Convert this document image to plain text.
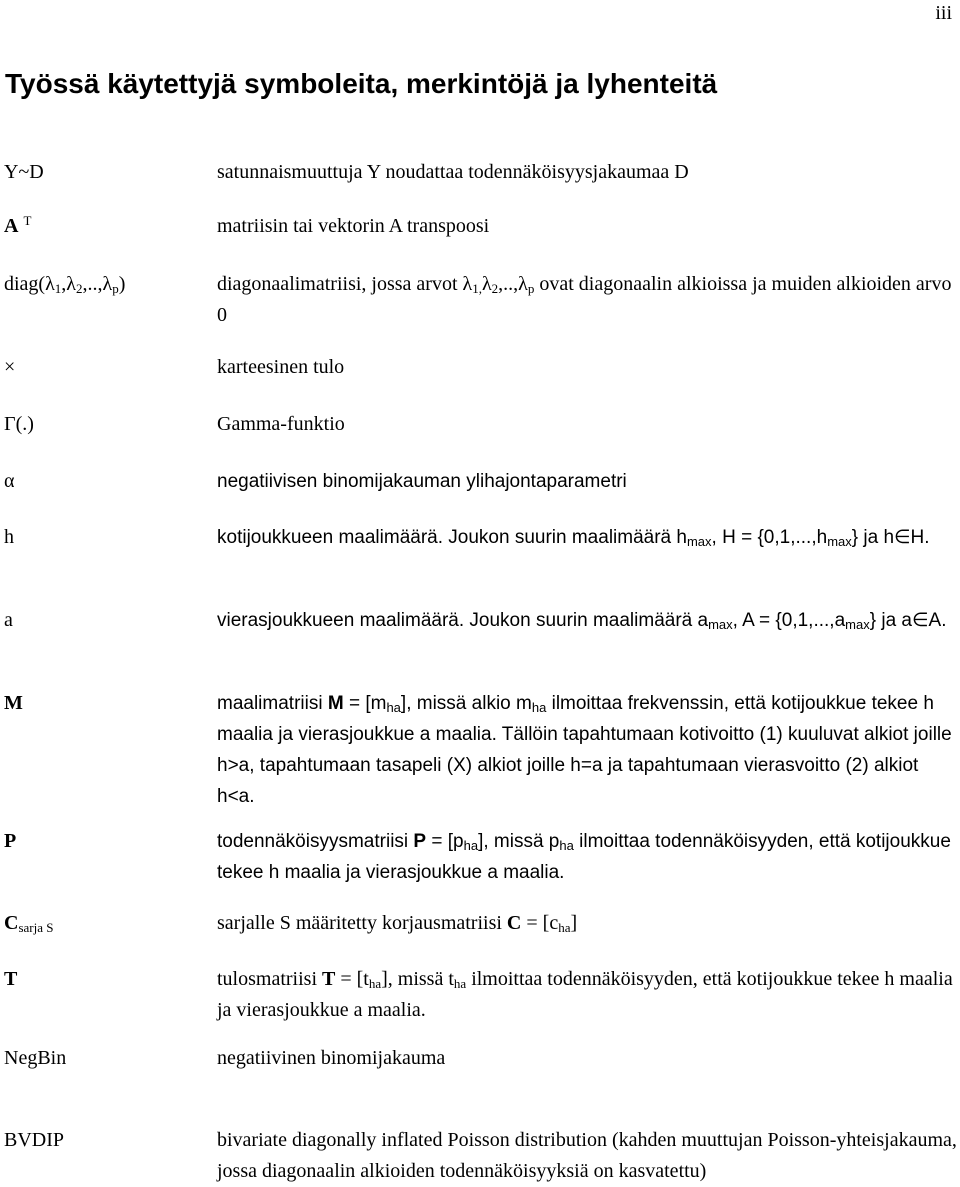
iii
Työssä käytettyjä symboleita, merkintöjä ja lyhenteitä
Y~D	satunnaismuuttuja Y noudattaa todennäköisyysjakaumaa D
A $^T$	matriisin tai vektorin A transpoosi
$diag(\lambda_1,\lambda_2,..,\lambda_p)$	diagonaalimatriisi, jossa arvot $\lambda_{1,}\lambda_2,..,\lambda_p$ ovat diagonaalin alkioissa ja muiden alkioiden arvo 0
×	karteesinen tulo
Γ(.)	Gamma-funktio
α	negatiivisen binomijakauman ylihajontaparametri
h	kotijoukkueen maalimäärä. Joukon suurin maalimäärä $h_{max}$, $H = \{0,1,...,h_{max}\}$ ja h∈H.
a	vierasjoukkueen maalimäärä. Joukon suurin maalimäärä $a_{max}$, $A = \{0,1,...,a_{max}\}$ ja a∈A.
M	maalimatriisi $M = [m_{ha}]$, missä alkio $m_{ha}$ ilmoittaa frekvenssin, että kotijoukkue tekee h maalia ja vierasjoukkue a maalia. Tällöin tapahtumaan kotivoitto (1) kuuluvat alkiot joille h>a, tapahtumaan tasapeli (X) alkiot joille h=a ja tapahtumaan vierasvoitto (2) alkiot h<a.
P	todennäköisyysmatriisi $P = [p_{ha}]$, missä $p_{ha}$ ilmoittaa todennäköisyyden, että kotijoukkue tekee h maalia ja vierasjoukkue a maalia.
$C_{sarja S}$	sarjalle S määritetty korjausmatriisi $C = [c_{ha}]$
T	tulosmatriisi $T = [t_{ha}]$, missä $t_{ha}$ ilmoittaa todennäköisyyden, että kotijoukkue tekee h maalia ja vierasjoukkue a maalia.
NegBin	negatiivinen binomijakauma
BVDIP	bivariate diagonally inflated Poisson distribution (kahden muuttujan Poisson-yhteisjakauma, jossa diagonaalin alkioiden todennäköisyyksiä on kasvatettu)
